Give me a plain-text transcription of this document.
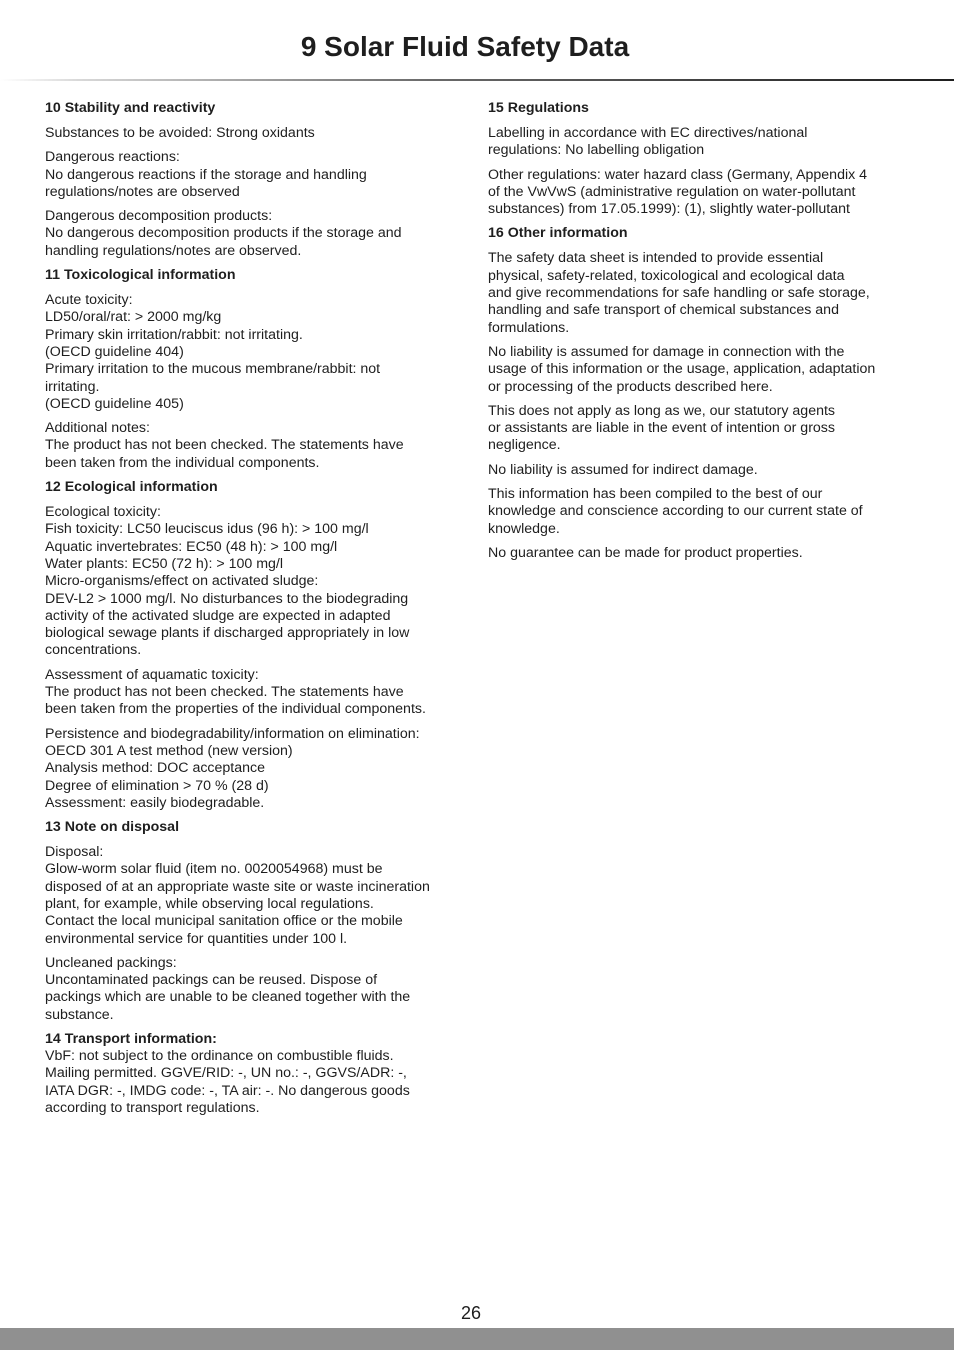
9 Solar Fluid Safety Data

10 Stability and reactivity

Substances to be avoided: Strong oxidants

Dangerous reactions:
No dangerous reactions if the storage and handling
regulations/notes are observed

Dangerous decomposition products:
No dangerous decomposition products if the storage and
handling regulations/notes are observed.

11 Toxicological information

Acute toxicity:
LD50/oral/rat: > 2000 mg/kg
Primary skin irritation/rabbit: not irritating.
(OECD guideline 404)
Primary irritation to the mucous membrane/rabbit: not
irritating.
(OECD guideline 405)

Additional notes:
The product has not been checked. The statements have
been taken from the individual components.

12 Ecological information

Ecological toxicity:
Fish toxicity: LC50 leuciscus idus (96 h): > 100 mg/l
Aquatic invertebrates: EC50 (48 h): > 100 mg/l
Water plants: EC50 (72 h): > 100 mg/l
Micro-organisms/effect on activated sludge:
DEV-L2 > 1000 mg/l. No disturbances to the biodegrading
activity of the activated sludge are expected in adapted
biological sewage plants if discharged appropriately in low
concentrations.

Assessment of aquamatic toxicity:
The product has not been checked. The statements have
been taken from the properties of the individual components.

Persistence and biodegradability/information on elimination:
OECD 301 A test method (new version)
Analysis method: DOC acceptance
Degree of elimination > 70 % (28 d)
Assessment: easily biodegradable.

13 Note on disposal

Disposal:
Glow-worm solar fluid (item no. 0020054968) must be
disposed of at an appropriate waste site or waste incineration
plant, for example, while observing local regulations.
Contact the local municipal sanitation office or the mobile
environmental service for quantities under 100 l.

Uncleaned packings:
Uncontaminated packings can be reused. Dispose of
packings which are unable to be cleaned together with the
substance.

14 Transport information:

VbF: not subject to the ordinance on combustible fluids.
Mailing permitted. GGVE/RID: -, UN no.: -, GGVS/ADR: -,
IATA DGR: -, IMDG code: -, TA air: -. No dangerous goods
according to transport regulations.

15 Regulations

Labelling in accordance with EC directives/national
regulations: No labelling obligation

Other regulations: water hazard class (Germany, Appendix 4
of the VwVwS (administrative regulation on water-pollutant
substances) from 17.05.1999): (1), slightly water-pollutant

16 Other information

The safety data sheet is intended to provide essential
physical, safety-related, toxicological and ecological data
and give recommendations for safe handling or safe storage,
handling and safe transport of chemical substances and
formulations.

No liability is assumed for damage in connection with the
usage of this information or the usage, application, adaptation
or processing of the products described here.

This does not apply as long as we, our statutory agents
or assistants are liable in the event of intention or gross
negligence.

No liability is assumed for indirect damage.

This information has been compiled to the best of our
knowledge and conscience according to our current state of
knowledge.

No guarantee can be made for product properties.

26
